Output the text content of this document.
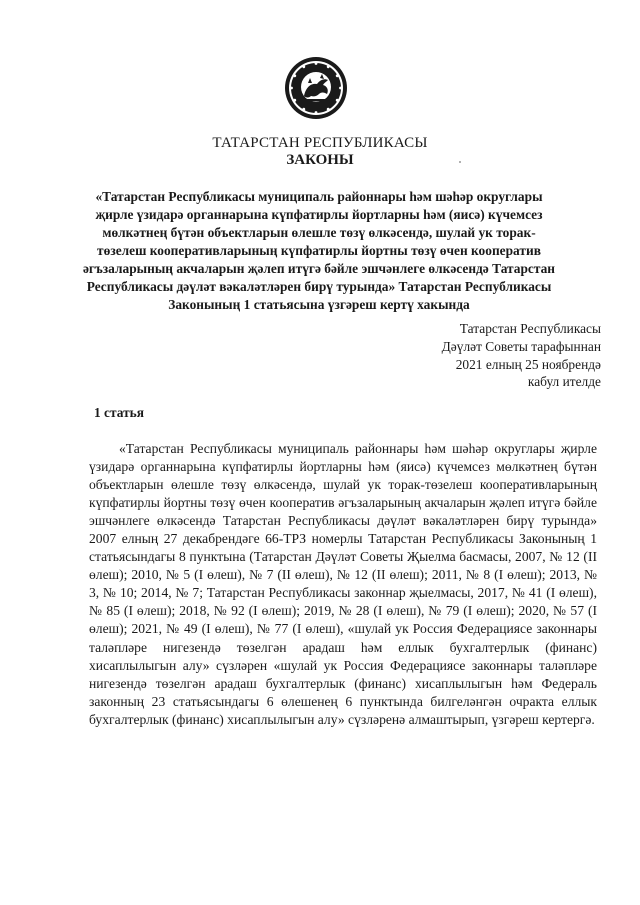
ТАТАРСТАН РЕСПУБЛИКАСЫ
ЗАКОНЫ
«Татарстан Республикасы муниципаль районнары һәм шәһәр округлары җирле үзидарә органнарына күпфатирлы йортларны һәм (яисә) күчемсез мөлкәтнең бүтән объектларын өлешле төзү өлкәсендә, шулай ук торак-төзелеш кооперативларының күпфатирлы йортны төзү өчен кооператив әгъзаларының акчаларын җәлеп итүгә бәйле эшчәнлеге өлкәсендә Татарстан Республикасы дәүләт вәкаләтләрен бирү турында» Татарстан Республикасы Законының 1 статьясына үзгәреш кертү хакында
Татарстан Республикасы
Дәүләт Советы тарафыннан
2021 елның 25 ноябрендә
кабул ителде
1 статья
«Татарстан Республикасы муниципаль районнары һәм шәһәр округлары җирле үзидарә органнарына күпфатирлы йортларны һәм (яисә) күчемсез мөлкәтнең бүтән объектларын өлешле төзү өлкәсендә, шулай ук торак-төзелеш кооперативларының күпфатирлы йортны төзү өчен кооператив әгъзаларының акчаларын җәлеп итүгә бәйле эшчәнлеге өлкәсендә Татарстан Республикасы дәүләт вәкаләтләрен бирү турында» 2007 елның 27 декабрендәге 66-ТРЗ номерлы Татарстан Республикасы Законының 1 статьясындагы 8 пунктына (Татарстан Дәүләт Советы Җыелма басмасы, 2007, № 12 (II өлеш); 2010, № 5 (I өлеш), № 7 (II өлеш), № 12 (II өлеш); 2011, № 8 (I өлеш); 2013, № 3, № 10; 2014, № 7; Татарстан Республикасы законнар җыелмасы, 2017, № 41 (I өлеш), № 85 (I өлеш); 2018, № 92 (I өлеш); 2019, № 28 (I өлеш), № 79 (I өлеш); 2020, № 57 (I өлеш); 2021, № 49 (I өлеш), № 77 (I өлеш), «шулай ук Россия Федерациясе законнары таләпләре нигезендә төзелгән арадаш һәм еллык бухгалтерлык (финанс) хисаплылыгын алу» сүзләрен «шулай ук Россия Федерациясе законнары таләпләре нигезендә төзелгән арадаш бухгалтерлык (финанс) хисаплылыгын һәм Федераль законның 23 статьясындагы 6 өлешенең 6 пунктында билгеләнгән очракта еллык бухгалтерлык (финанс) хисаплылыгын алу» сүзләренә алмаштырып, үзгәреш кертергә.
